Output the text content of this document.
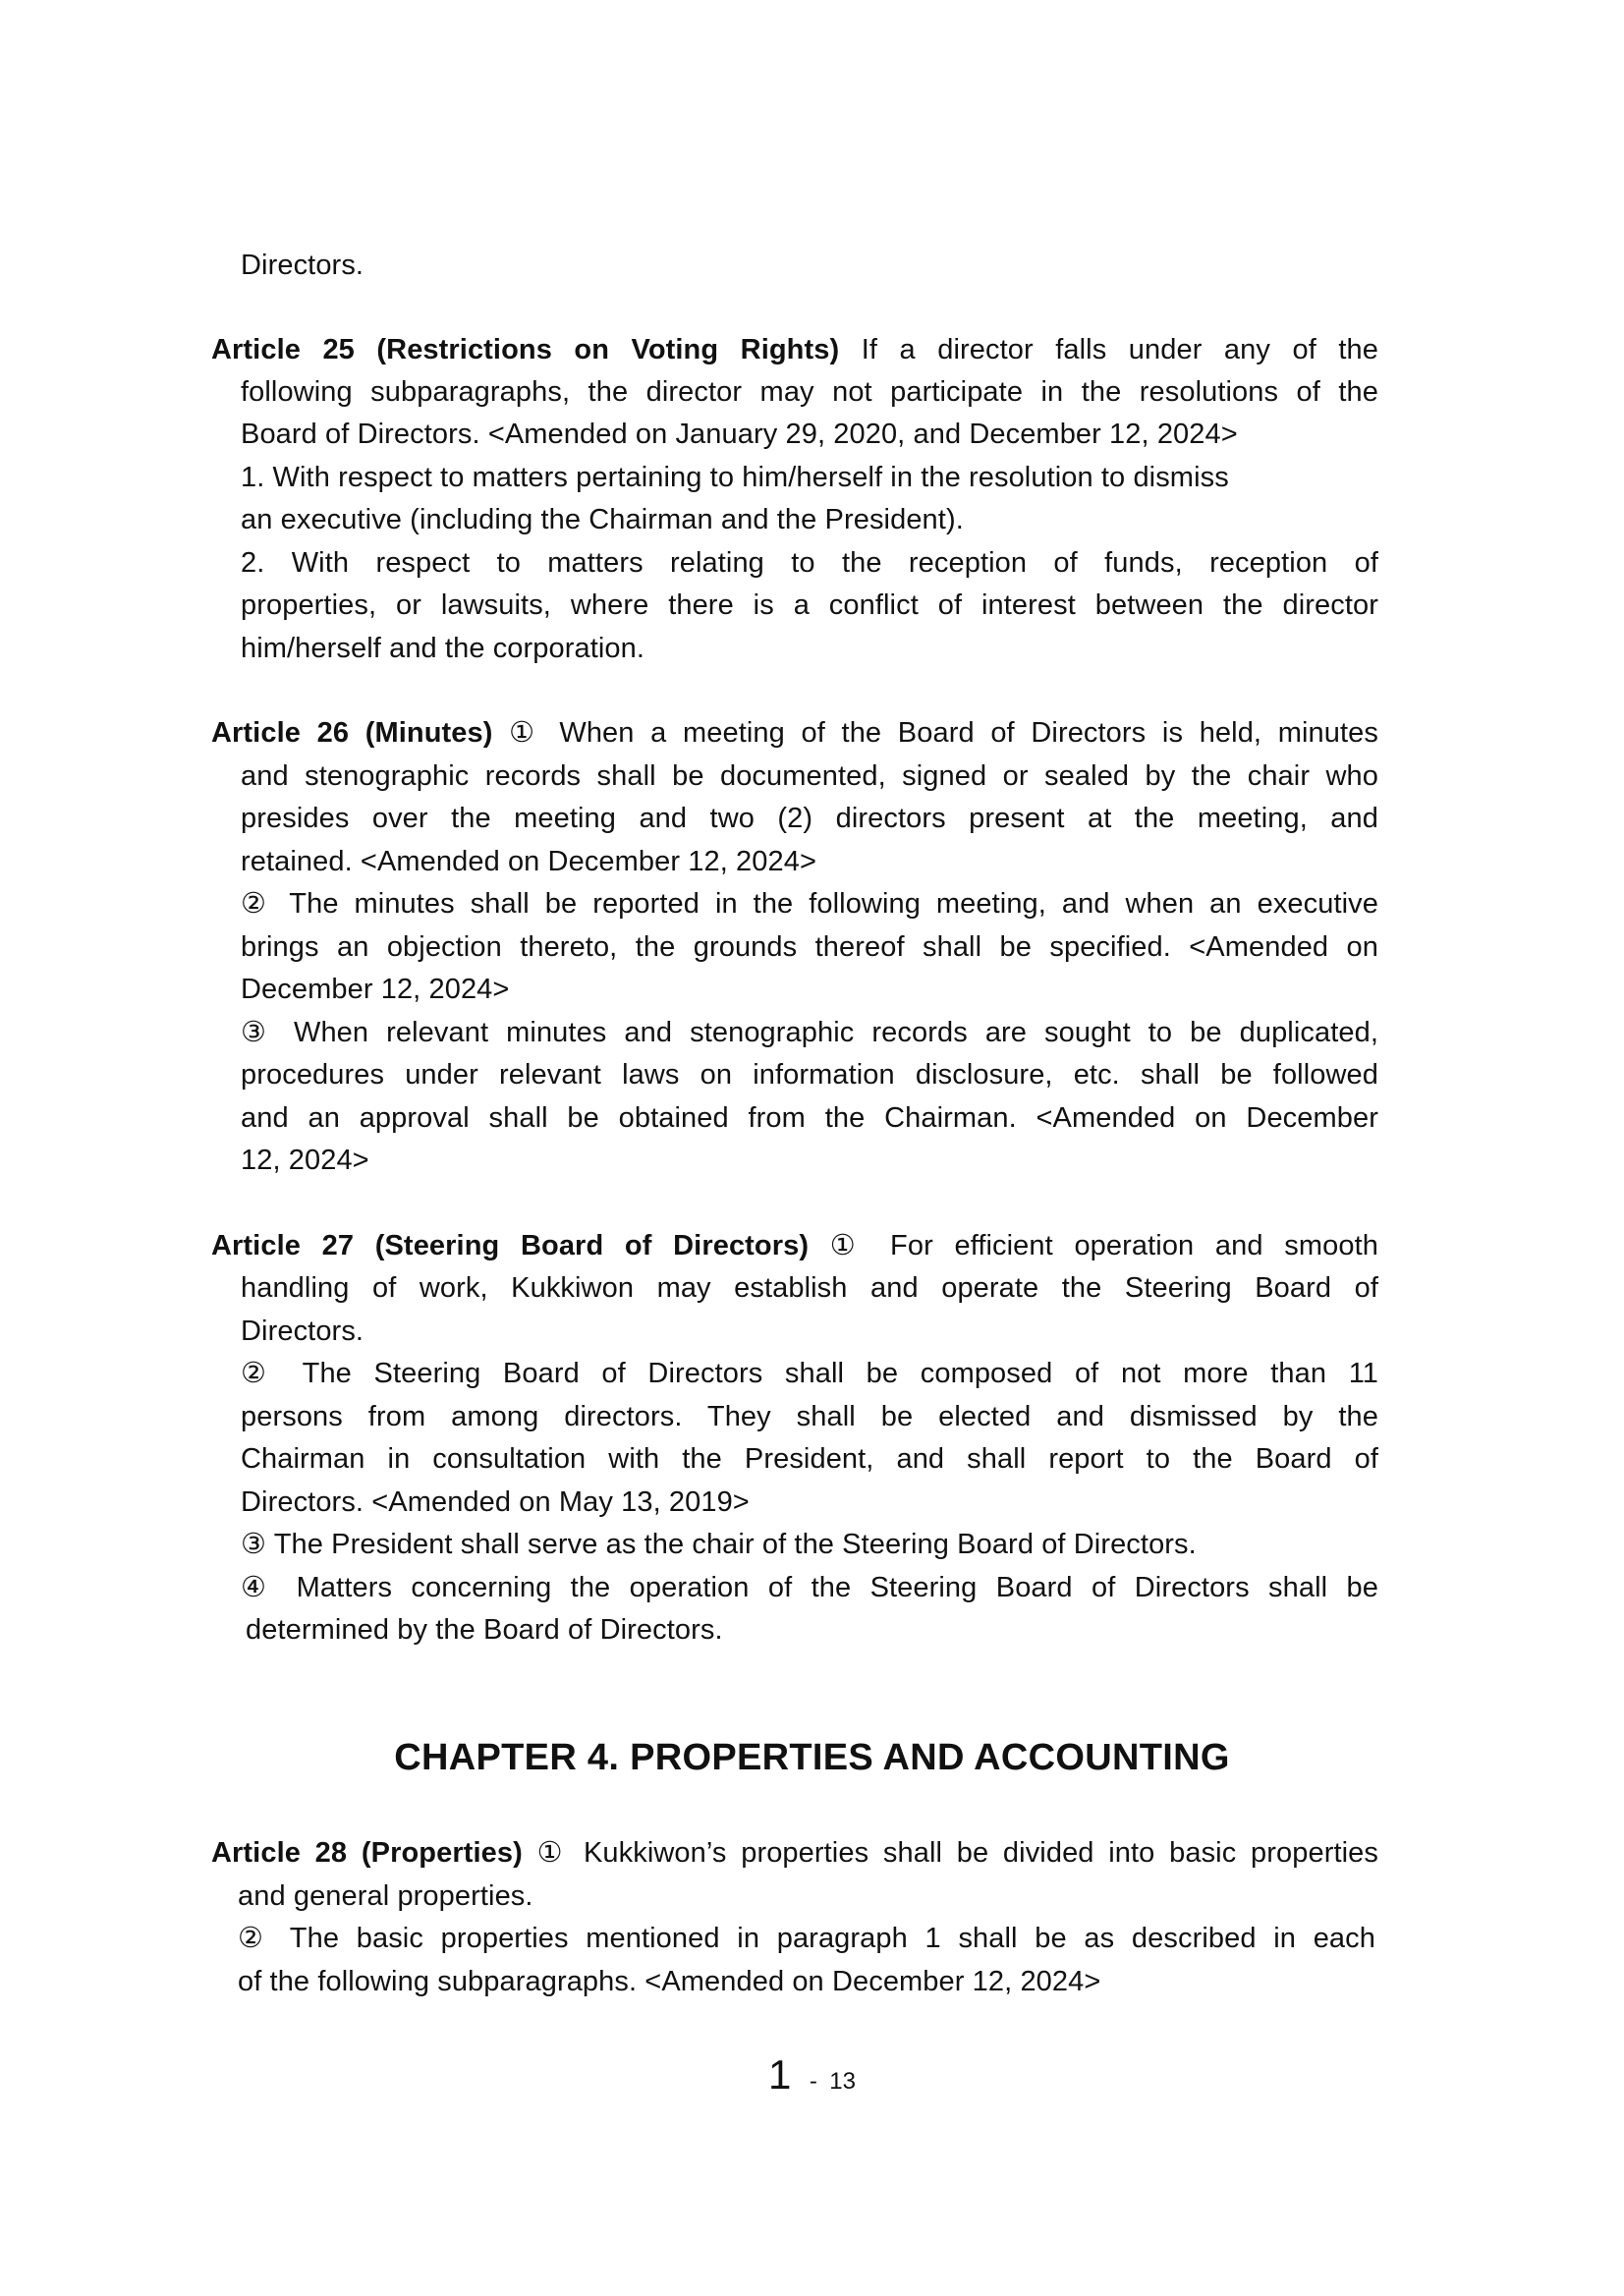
Directors.
Article 25 (Restrictions on Voting Rights) If a director falls under any of the
following subparagraphs, the director may not participate in the resolutions of the
Board of Directors. <Amended on January 29, 2020, and December 12, 2024>
1. With respect to matters pertaining to him/herself in the resolution to dismiss
an executive (including the Chairman and the President).
2. With respect to matters relating to the reception of funds, reception of
properties, or lawsuits, where there is a conflict of interest between the director
him/herself and the corporation.
Article 26 (Minutes) ① When a meeting of the Board of Directors is held, minutes
and stenographic records shall be documented, signed or sealed by the chair who
presides over the meeting and two (2) directors present at the meeting, and
retained. <Amended on December 12, 2024>
② The minutes shall be reported in the following meeting, and when an executive
brings an objection thereto, the grounds thereof shall be specified. <Amended on
December 12, 2024>
③ When relevant minutes and stenographic records are sought to be duplicated,
procedures under relevant laws on information disclosure, etc. shall be followed
and an approval shall be obtained from the Chairman. <Amended on December
12, 2024>
Article 27 (Steering Board of Directors) ① For efficient operation and smooth
handling of work, Kukkiwon may establish and operate the Steering Board of
Directors.
② The Steering Board of Directors shall be composed of not more than 11
persons from among directors. They shall be elected and dismissed by the
Chairman in consultation with the President, and shall report to the Board of
Directors. <Amended on May 13, 2019>
③ The President shall serve as the chair of the Steering Board of Directors.
④ Matters concerning the operation of the Steering Board of Directors shall be
determined by the Board of Directors.
CHAPTER 4. PROPERTIES AND ACCOUNTING
Article 28 (Properties) ① Kukkiwon’s properties shall be divided into basic properties
and general properties.
② The basic properties mentioned in paragraph 1 shall be as described in each
of the following subparagraphs. <Amended on December 12, 2024>
1 - 13
